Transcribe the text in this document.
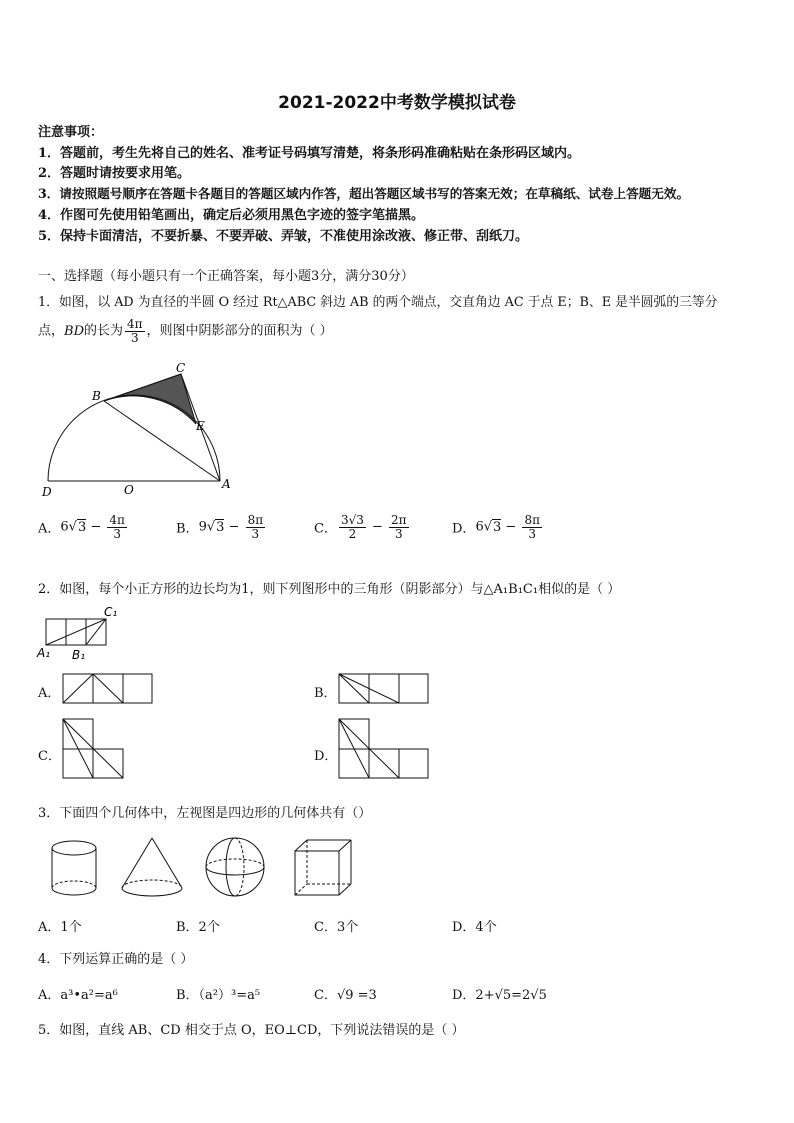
2021-2022中考数学模拟试卷
注意事项：
1．答题前，考生先将自己的姓名、准考证号码填写清楚，将条形码准确粘贴在条形码区域内。
2．答题时请按要求用笔。
3．请按照题号顺序在答题卡各题目的答题区域内作答，超出答题区域书写的答案无效；在草稿纸、试卷上答题无效。
4．作图可先使用铅笔画出，确定后必须用黑色字迹的签字笔描黑。
5．保持卡面清洁，不要折暴、不要弄破、弄皱，不准使用涂改液、修正带、刮纸刀。
一、选择题（每小题只有一个正确答案，每小题3分，满分30分）
1．如图，以 AD 为直径的半圆 O 经过 Rt△ABC 斜边 AB 的两个端点，交直角边 AC 于点 E；B、E 是半圆弧的三等分
点，BD的长为 $\frac{4\pi}{3}$ ，则图中阴影部分的面积为（ ）
B
C
E
D	O	A
A．$6√3 - \frac{4\pi}{3}$	B．$9√3 - \frac{8\pi}{3}$	C． $\frac{3√3}{2} - \frac{2\pi}{3}$	D．$6√3 - \frac{8\pi}{3}$
2．如图，每个小正方形的边长均为1，则下列图形中的三角形（阴影部分）与△A₁B₁C₁相似的是（ ）
C₁
A₁ B₁
A．	B．
C．	D．
3．下面四个几何体中，左视图是四边形的几何体共有（）
A．1个	B．2个	C．3个	D．4个
4．下列运算正确的是（ ）
A．a³•a²=a⁶	B．（a²）³=a⁵	C．√9 =3	D．2+√5=2√5
5．如图，直线 AB、CD 相交于点 O，EO⊥CD，下列说法错误的是（ ）
